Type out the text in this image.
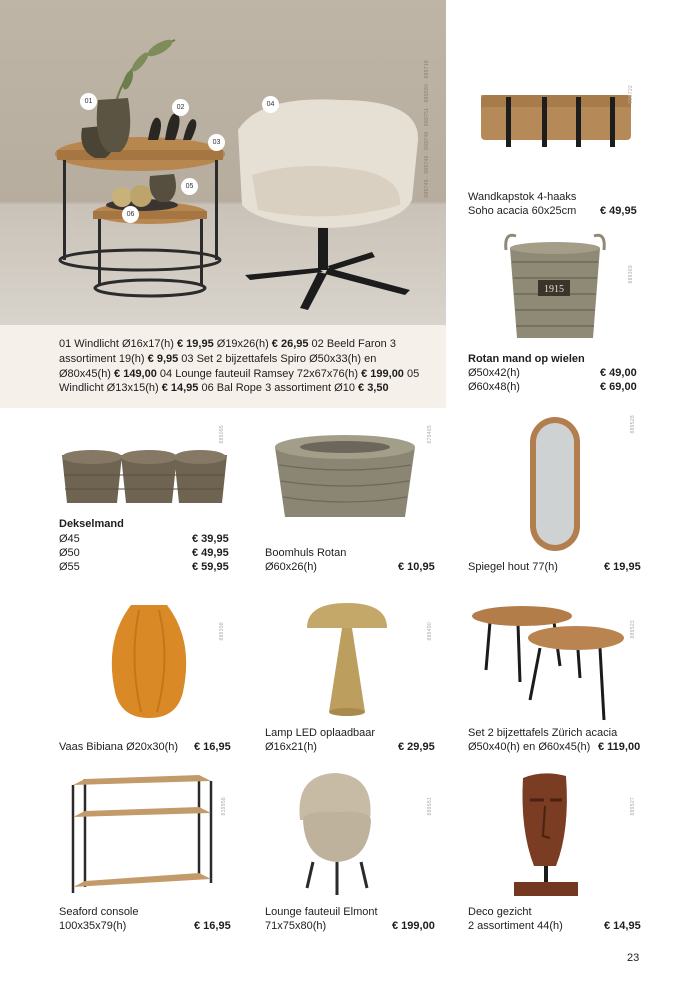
01
02
03
04
05
06
889749 · 889746 · 889748 · 889751 · 889580 · 889718
01 Windlicht Ø16x17(h) € 19,95 Ø19x26(h) € 26,95 02 Beeld Faron 3 assortiment 19(h) € 9,95 03 Set 2 bijzettafels Spiro Ø50x33(h) en Ø80x45(h) € 149,00 04 Lounge fauteuil Ramsey 72x67x76(h) € 199,00 05 Windlicht Ø13x15(h) € 14,95 06 Bal Rope 3 assortiment Ø10 € 3,50
Wandkapstok 4-haaks
Soho acacia 60x25cm € 49,95
889722
1915
Rotan mand op wielen
Ø50x42(h)	€ 49,00
Ø60x48(h)	€ 69,00
889369
Dekselmand
Ø45	€ 39,95
Ø50	€ 49,95
Ø55	€ 59,95
889095
Boomhuls Rotan
Ø60x26(h)	€ 10,95
879465
Spiegel hout 77(h)	€ 19,95
889528
Vaas Bibiana Ø20x30(h) € 16,95
889398
Lamp LED oplaadbaar
Ø16x21(h)	€ 29,95
889490
Set 2 bijzettafels Zürich acacia
Ø50x40(h) en Ø60x45(h) € 119,00
889523
Seaford console
100x35x79(h)	€ 16,95
819958
Lounge fauteuil Elmont
71x75x80(h)	€ 199,00
889551
Deco gezicht
2 assortiment 44(h)	€ 14,95
889527
23
